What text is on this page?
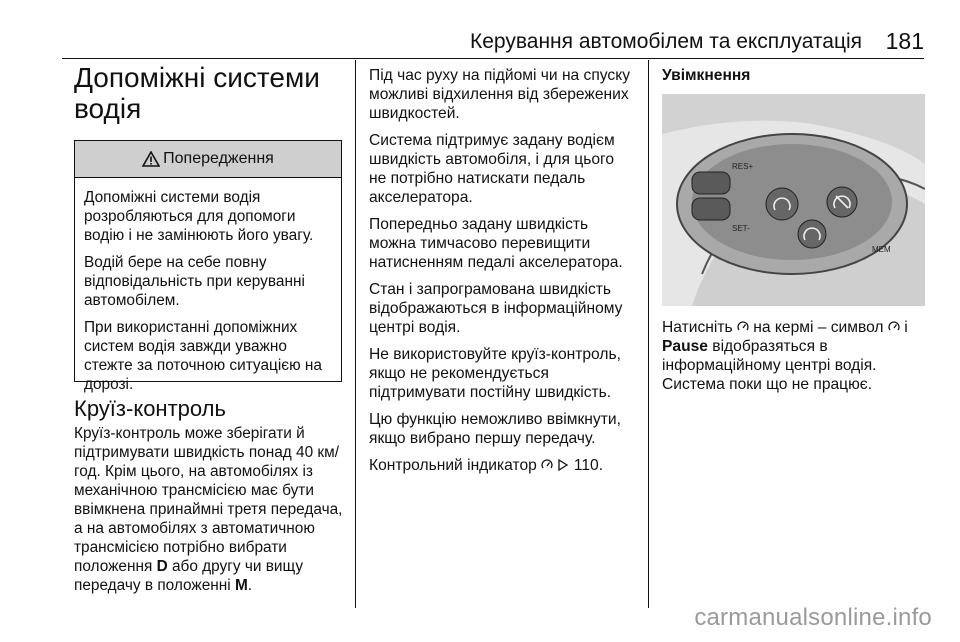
Керування автомобілем та експлуатація 181
Допоміжні системи
водія
Попередження

Допоміжні системи водія розробляються для допомоги водію і не замінюють його увагу.

Водій бере на себе повну відповідальність при керуванні автомобілем.

При використанні допоміжних систем водія завжди уважно стежте за поточною ситуацією на дорозі.

Круїз-контроль
Круїз-контроль може зберігати й підтримувати швидкість понад 40 км/год. Крім цього, на автомобілях із механічною трансмісією має бути ввімкнена принаймні третя передача, а на автомобілях з автоматичною трансмісією потрібно вибрати положення D або другу чи вищу передачу в положенні M.

Під час руху на підйомі чи на спуску можливі відхилення від збережених швидкостей.

Система підтримує задану водієм швидкість автомобіля, і для цього не потрібно натискати педаль акселератора.

Попередньо задану швидкість можна тимчасово перевищити натисненням педалі акселератора.

Стан і запрограмована швидкість відображаються в інформаційному центрі водія.

Не використовуйте круїз-контроль, якщо не рекомендується підтримувати постійну швидкість.

Цю функцію неможливо ввімкнути, якщо вибрано першу передачу.

Контрольний індикатор 110.

Увімкнення

RES+
SET-
MEM
Натисніть на кермі – символ і Pause відобразяться в інформаційному центрі водія. Система поки що не працює.
carmanualsonline.info
